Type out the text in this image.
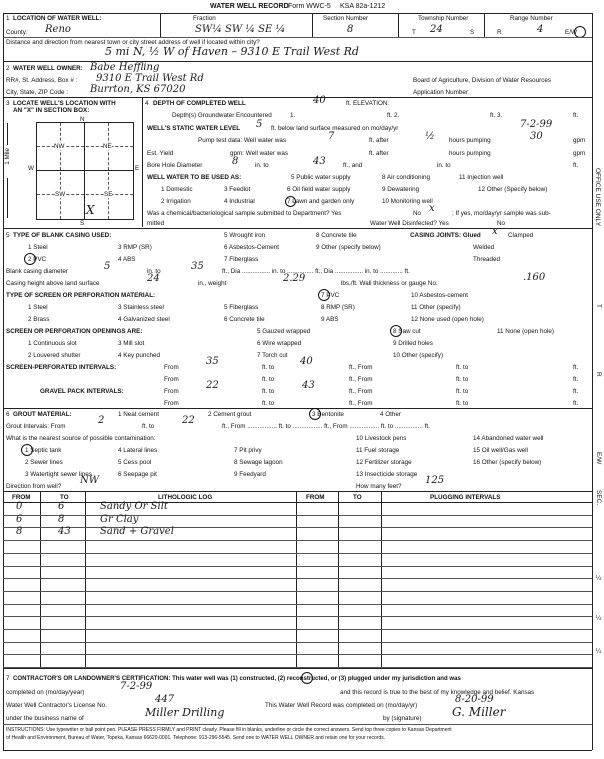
WATER WELL RECORD Form WWC-5 KSA 82a-1212
1 LOCATION OF WATER WELL:
County: Reno
Fraction
SW¼ SW ¼ SE ¼
Section Number
8
Township Number
T 24	S
Range Number
R	4	E/W
Distance and direction from nearest town or city street address of well if located within city?
5 mi N, ½ W of Haven – 9310 E Trail West Rd
2 WATER WELL OWNER: Babe Heffling
RR#, St. Address, Box # : 9310 E Trail West Rd
City, State, ZIP Code : Burrton, KS 67020
Board of Agriculture, Division of Water Resources
Application Number:
3 LOCATE WELL'S LOCATION WITH
AN "X" IN SECTION BOX:
N
S
W	E
NW	NE
SW	SE
X
1 Mile
4 DEPTH OF COMPLETED WELL	40	ft. ELEVATION:
Depth(s) Groundwater Encountered	1.	ft. 2.	ft. 3.	ft.
WELL'S STATIC WATER LEVEL 5 ft. below land surface measured on mo/day/yr	7-2-99
Pump test data: Well water was	7	ft. after	½ hours pumping	30	gpm
Est. Yield	gpm: Well water was	ft. after	hours pumping	gpm
Bore Hole Diameter	8	in. to	43	ft., and	in. to	ft.
WELL WATER TO BE USED AS:	5 Public water supply	8 Air conditioning	11 Injection well
1 Domestic	3 Feedlot	6 Oil field water supply	9 Dewatering	12 Other (Specify below)
2 Irrigation	4 Industrial	7 Lawn and garden only	10 Monitoring well
Was a chemical/bacteriological sample submitted to Department? Yes	No x	; If yes, mo/day/yr sample was sub-
mitted	Water Well Disinfected? Yes	No
5 TYPE OF BLANK CASING USED:	5 Wrought iron	8 Concrete tile	CASING JOINTS: Glued x Clamped
1 Steel	3 RMP (SR)	6 Asbestos-Cement	9 Other (specify below)	Welded
2 PVC	4 ABS	7 Fiberglass	Threaded
Blank casing diameter	5	in. to	35	ft., Dia ................ in. to ............... ft., Dia ................ in. to ............. ft.
Casing height above land surface	24	in., weight	2.29	lbs./ft. Wall thickness or gauge No.
.160
TYPE OF SCREEN OR PERFORATION MATERIAL:	7 PVC	10 Asbestos-cement
1 Steel	3 Stainless steel	5 Fiberglass	8 RMP (SR)	11 Other (specify)
2 Brass	4 Galvanized steel	6 Concrete tile	9 ABS	12 None used (open hole)
SCREEN OR PERFORATION OPENINGS ARE:	5 Gauzed wrapped	8 Saw cut	11 None (open hole)
1 Continuous slot	3 Mill slot	6 Wire wrapped	9 Drilled holes
2 Louvered shutter	4 Key punched	7 Torch cut	10 Other (specify)
SCREEN-PERFORATED INTERVALS:	From
35
ft. to
40
ft., From	ft. to	ft.
From	ft. to	ft., From	ft. to	ft.
GRAVEL PACK INTERVALS:	From
22
ft. to
43
ft., From	ft. to	ft.
From	ft. to	ft., From	ft. to	ft.
6 GROUT MATERIAL:	1 Neat cement	2 Cement grout	3 Bentonite	4 Other
Grout Intervals: From
2
ft. to
22
ft., From ................. ft. to ................. ft., From ................. ft. to ................ ft.
What is the nearest source of possible contamination:	10 Livestock pens	14 Abandoned water well
1 Septic tank	4 Lateral lines	7 Pit privy	11 Fuel storage	15 Oil well/Gas well
2 Sewer lines	5 Cess pool	8 Sewage lagoon	12 Fertilizer storage	16 Other (specify below)
3 Watertight sewer lines	6 Seepage pit	9 Feedyard	13 Insecticide storage
Direction from well?
NW
How many feet?
125
FROM	TO	LITHOLOGIC LOG	FROM	TO	PLUGGING INTERVALS
0	6	Sandy Or Silt
6	8	Gr Clay
8	43	Sand + Gravel
7 CONTRACTOR'S OR LANDOWNER'S CERTIFICATION: This water well was (1) constructed, (2) reconstructed, or (3) plugged under my jurisdiction and was
completed on (mo/day/year)
7-2-99
and this record is true to the best of my knowledge and belief. Kansas
Water Well Contractor's License No.
447
This Water Well Record was completed on (mo/day/yr)
8-20-99
under the business name of	Miller Drilling	by (signature)	G. Miller
INSTRUCTIONS: Use typewriter or ball point pen. PLEASE PRESS FIRMLY and PRINT clearly. Please fill in blanks, underline or circle the correct answers. Send top three copies to Kansas Department
of Health and Environment, Bureau of Water, Topeka, Kansas 66620-0001. Telephone: 913-296-5545. Send one to WATER WELL OWNER and retain one for your records.
OFFICE USE ONLY
T
R
E/W
SEC.
¼
¼
¼
